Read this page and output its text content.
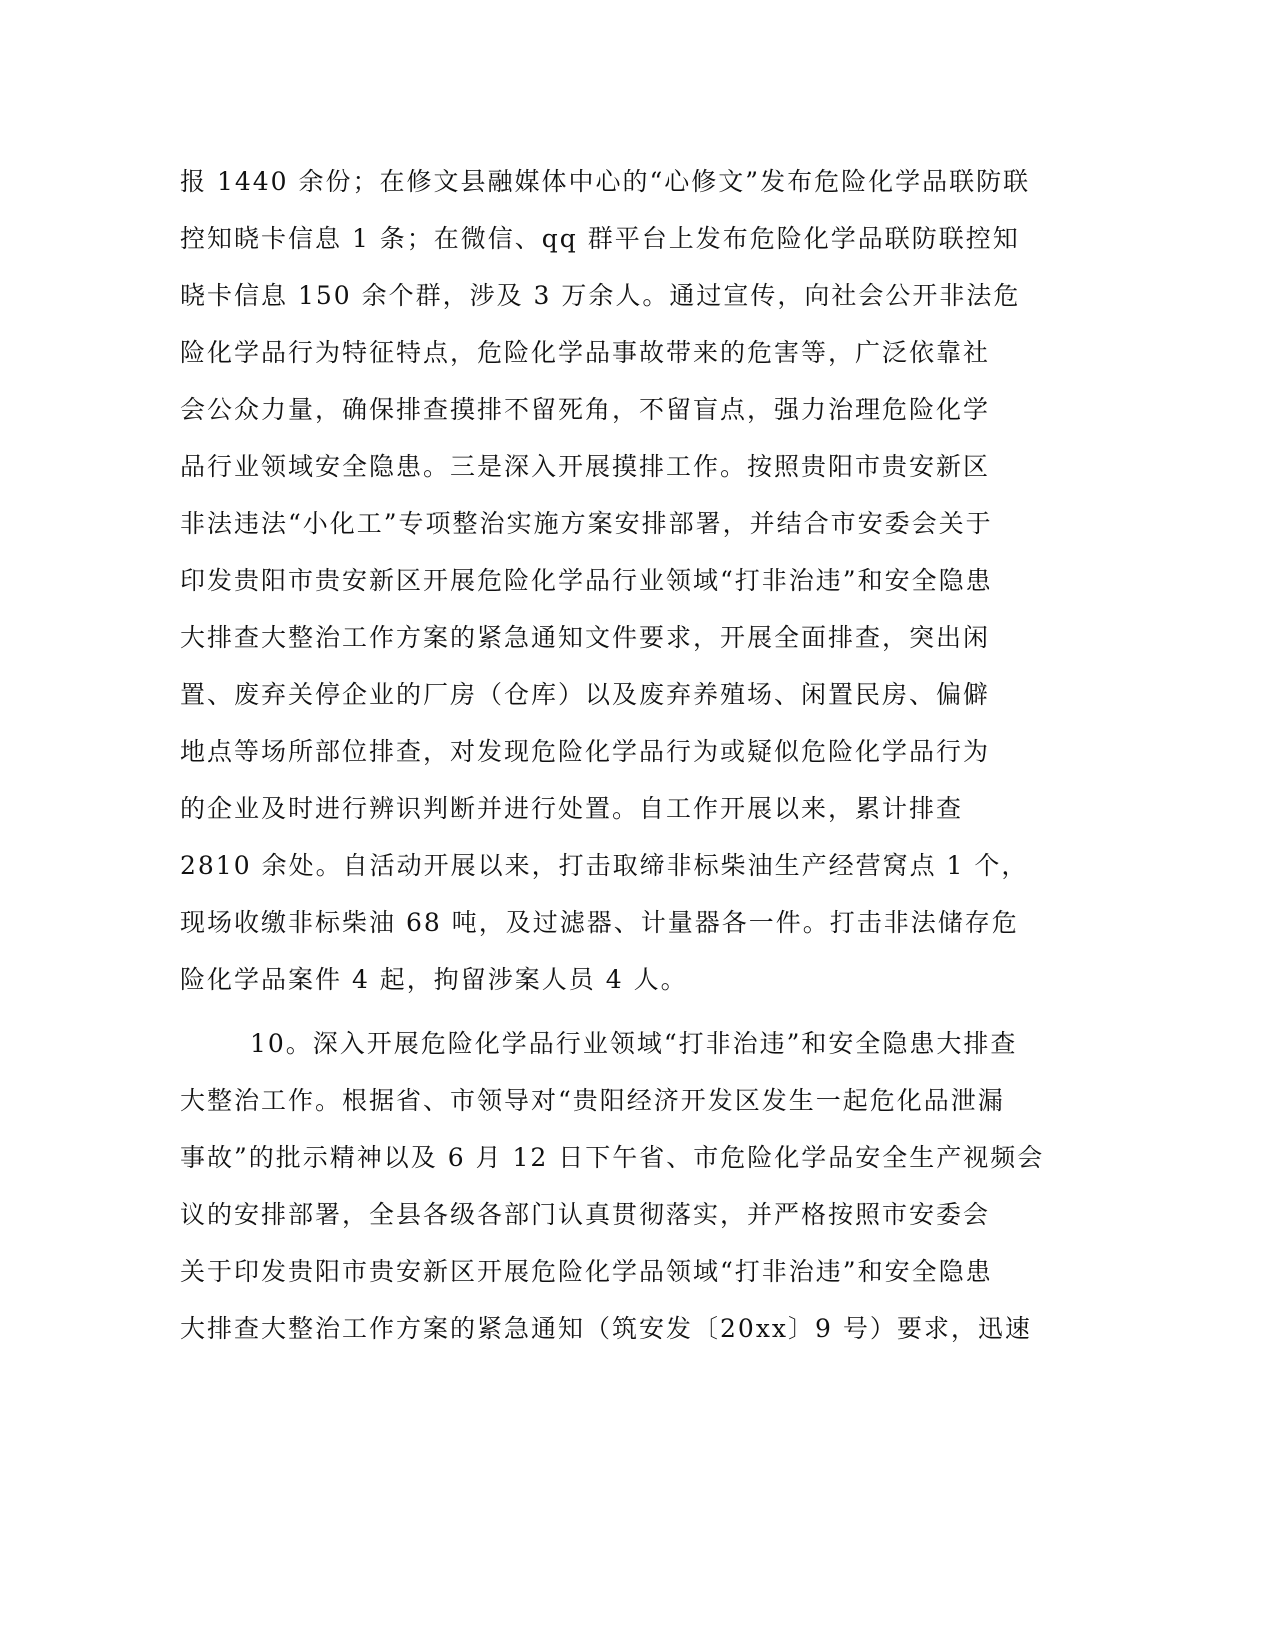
报 1440 余份；在修文县融媒体中心的“心修文”发布危险化学品联防联
控知晓卡信息 1 条；在微信、qq 群平台上发布危险化学品联防联控知
晓卡信息 150 余个群，涉及 3 万余人。通过宣传，向社会公开非法危
险化学品行为特征特点，危险化学品事故带来的危害等，广泛依靠社
会公众力量，确保排查摸排不留死角，不留盲点，强力治理危险化学
品行业领域安全隐患。三是深入开展摸排工作。按照贵阳市贵安新区
非法违法“小化工”专项整治实施方案安排部署，并结合市安委会关于
印发贵阳市贵安新区开展危险化学品行业领域“打非治违”和安全隐患
大排查大整治工作方案的紧急通知文件要求，开展全面排查，突出闲
置、废弃关停企业的厂房（仓库）以及废弃养殖场、闲置民房、偏僻
地点等场所部位排查，对发现危险化学品行为或疑似危险化学品行为
的企业及时进行辨识判断并进行处置。自工作开展以来，累计排查
2810 余处。自活动开展以来，打击取缔非标柴油生产经营窝点 1 个，
现场收缴非标柴油 68 吨，及过滤器、计量器各一件。打击非法储存危
险化学品案件 4 起，拘留涉案人员 4 人。
10。深入开展危险化学品行业领域“打非治违”和安全隐患大排查
大整治工作。根据省、市领导对“贵阳经济开发区发生一起危化品泄漏
事故”的批示精神以及 6 月 12 日下午省、市危险化学品安全生产视频会
议的安排部署，全县各级各部门认真贯彻落实，并严格按照市安委会
关于印发贵阳市贵安新区开展危险化学品领域“打非治违”和安全隐患
大排查大整治工作方案的紧急通知（筑安发〔20xx〕9 号）要求，迅速
